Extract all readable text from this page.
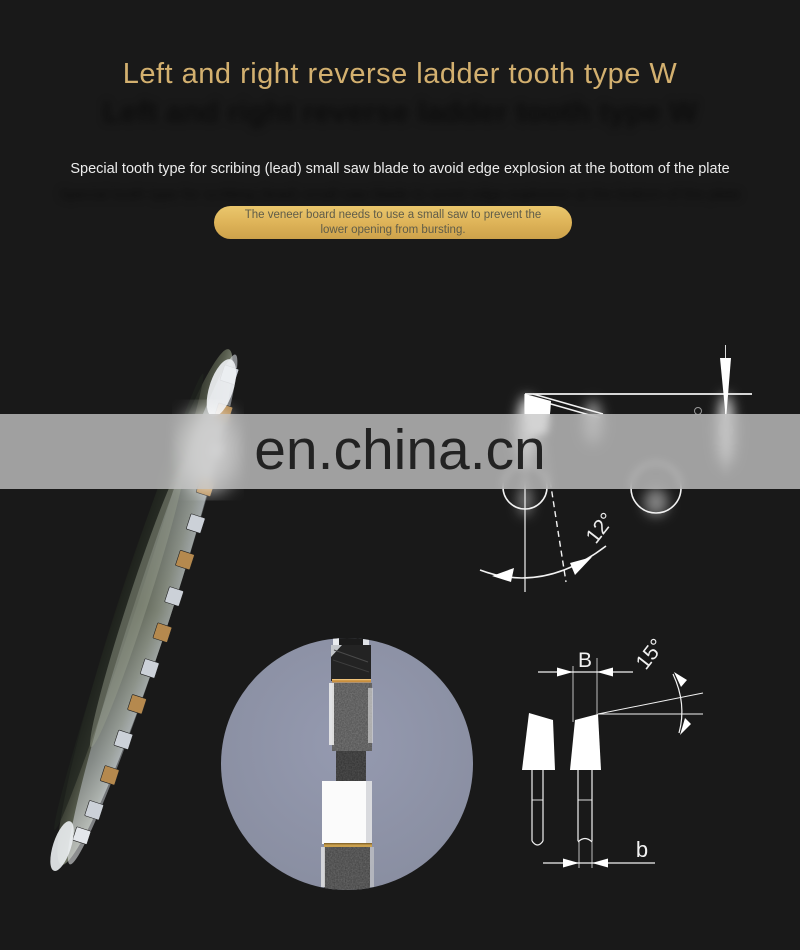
Left and right reverse ladder tooth type W
Left and right reverse ladder tooth type W
Special tooth type for scribing (lead) small saw blade to avoid edge explosion at the bottom of the plate
Special tooth type for scribing (lead) small saw blade to avoid edge explosion at the bottom of the plate
The veneer board needs to use a small saw to prevent the
lower opening from bursting.
12°
B 15°
b
en.china.cn
